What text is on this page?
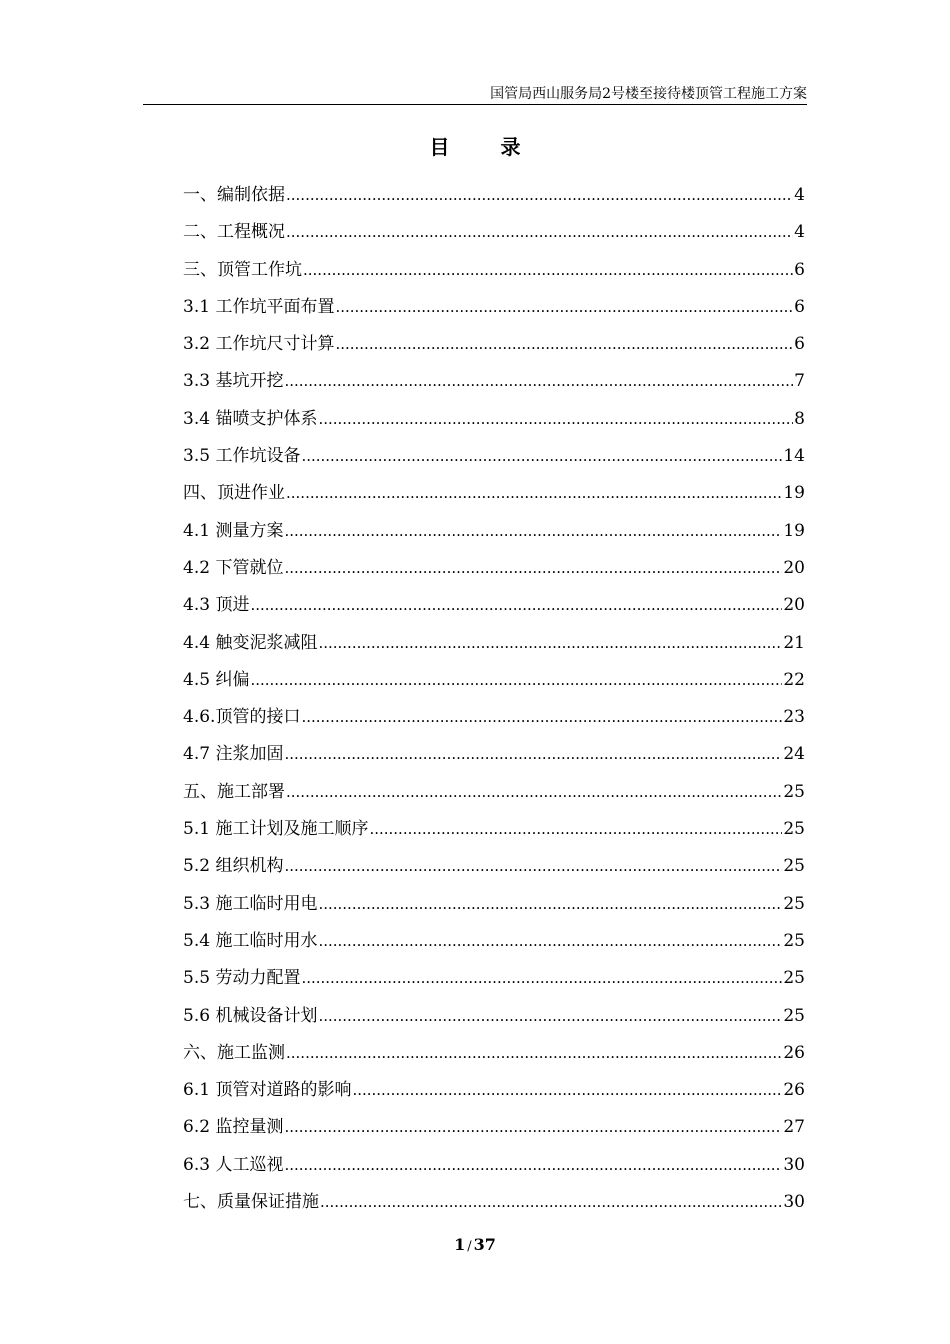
国管局西山服务局2号楼至接待楼顶管工程施工方案
目 录
一、编制依据 .....	4
二、工程概况 .....	4
三、顶管工作坑 .....	6
3.1 工作坑平面布置 .....	6
3.2 工作坑尺寸计算 .....	6
3.3 基坑开挖 .....	7
3.4 锚喷支护体系 .....	8
3.5 工作坑设备 .....	14
四、顶进作业 .....	19
4.1 测量方案 .....	19
4.2 下管就位 .....	20
4.3 顶进 .....	20
4.4 触变泥浆减阻 .....	21
4.5 纠偏 .....	22
4.6.顶管的接口 .....	23
4.7 注浆加固 .....	24
五、施工部署 .....	25
5.1 施工计划及施工顺序 .....	25
5.2 组织机构 .....	25
5.3 施工临时用电 .....	25
5.4 施工临时用水 .....	25
5.5 劳动力配置 .....	25
5.6 机械设备计划 .....	25
六、施工监测 .....	26
6.1 顶管对道路的影响 .....	26
6.2 监控量测 .....	27
6.3 人工巡视 .....	30
七、质量保证措施 .....	30
1 / 37
